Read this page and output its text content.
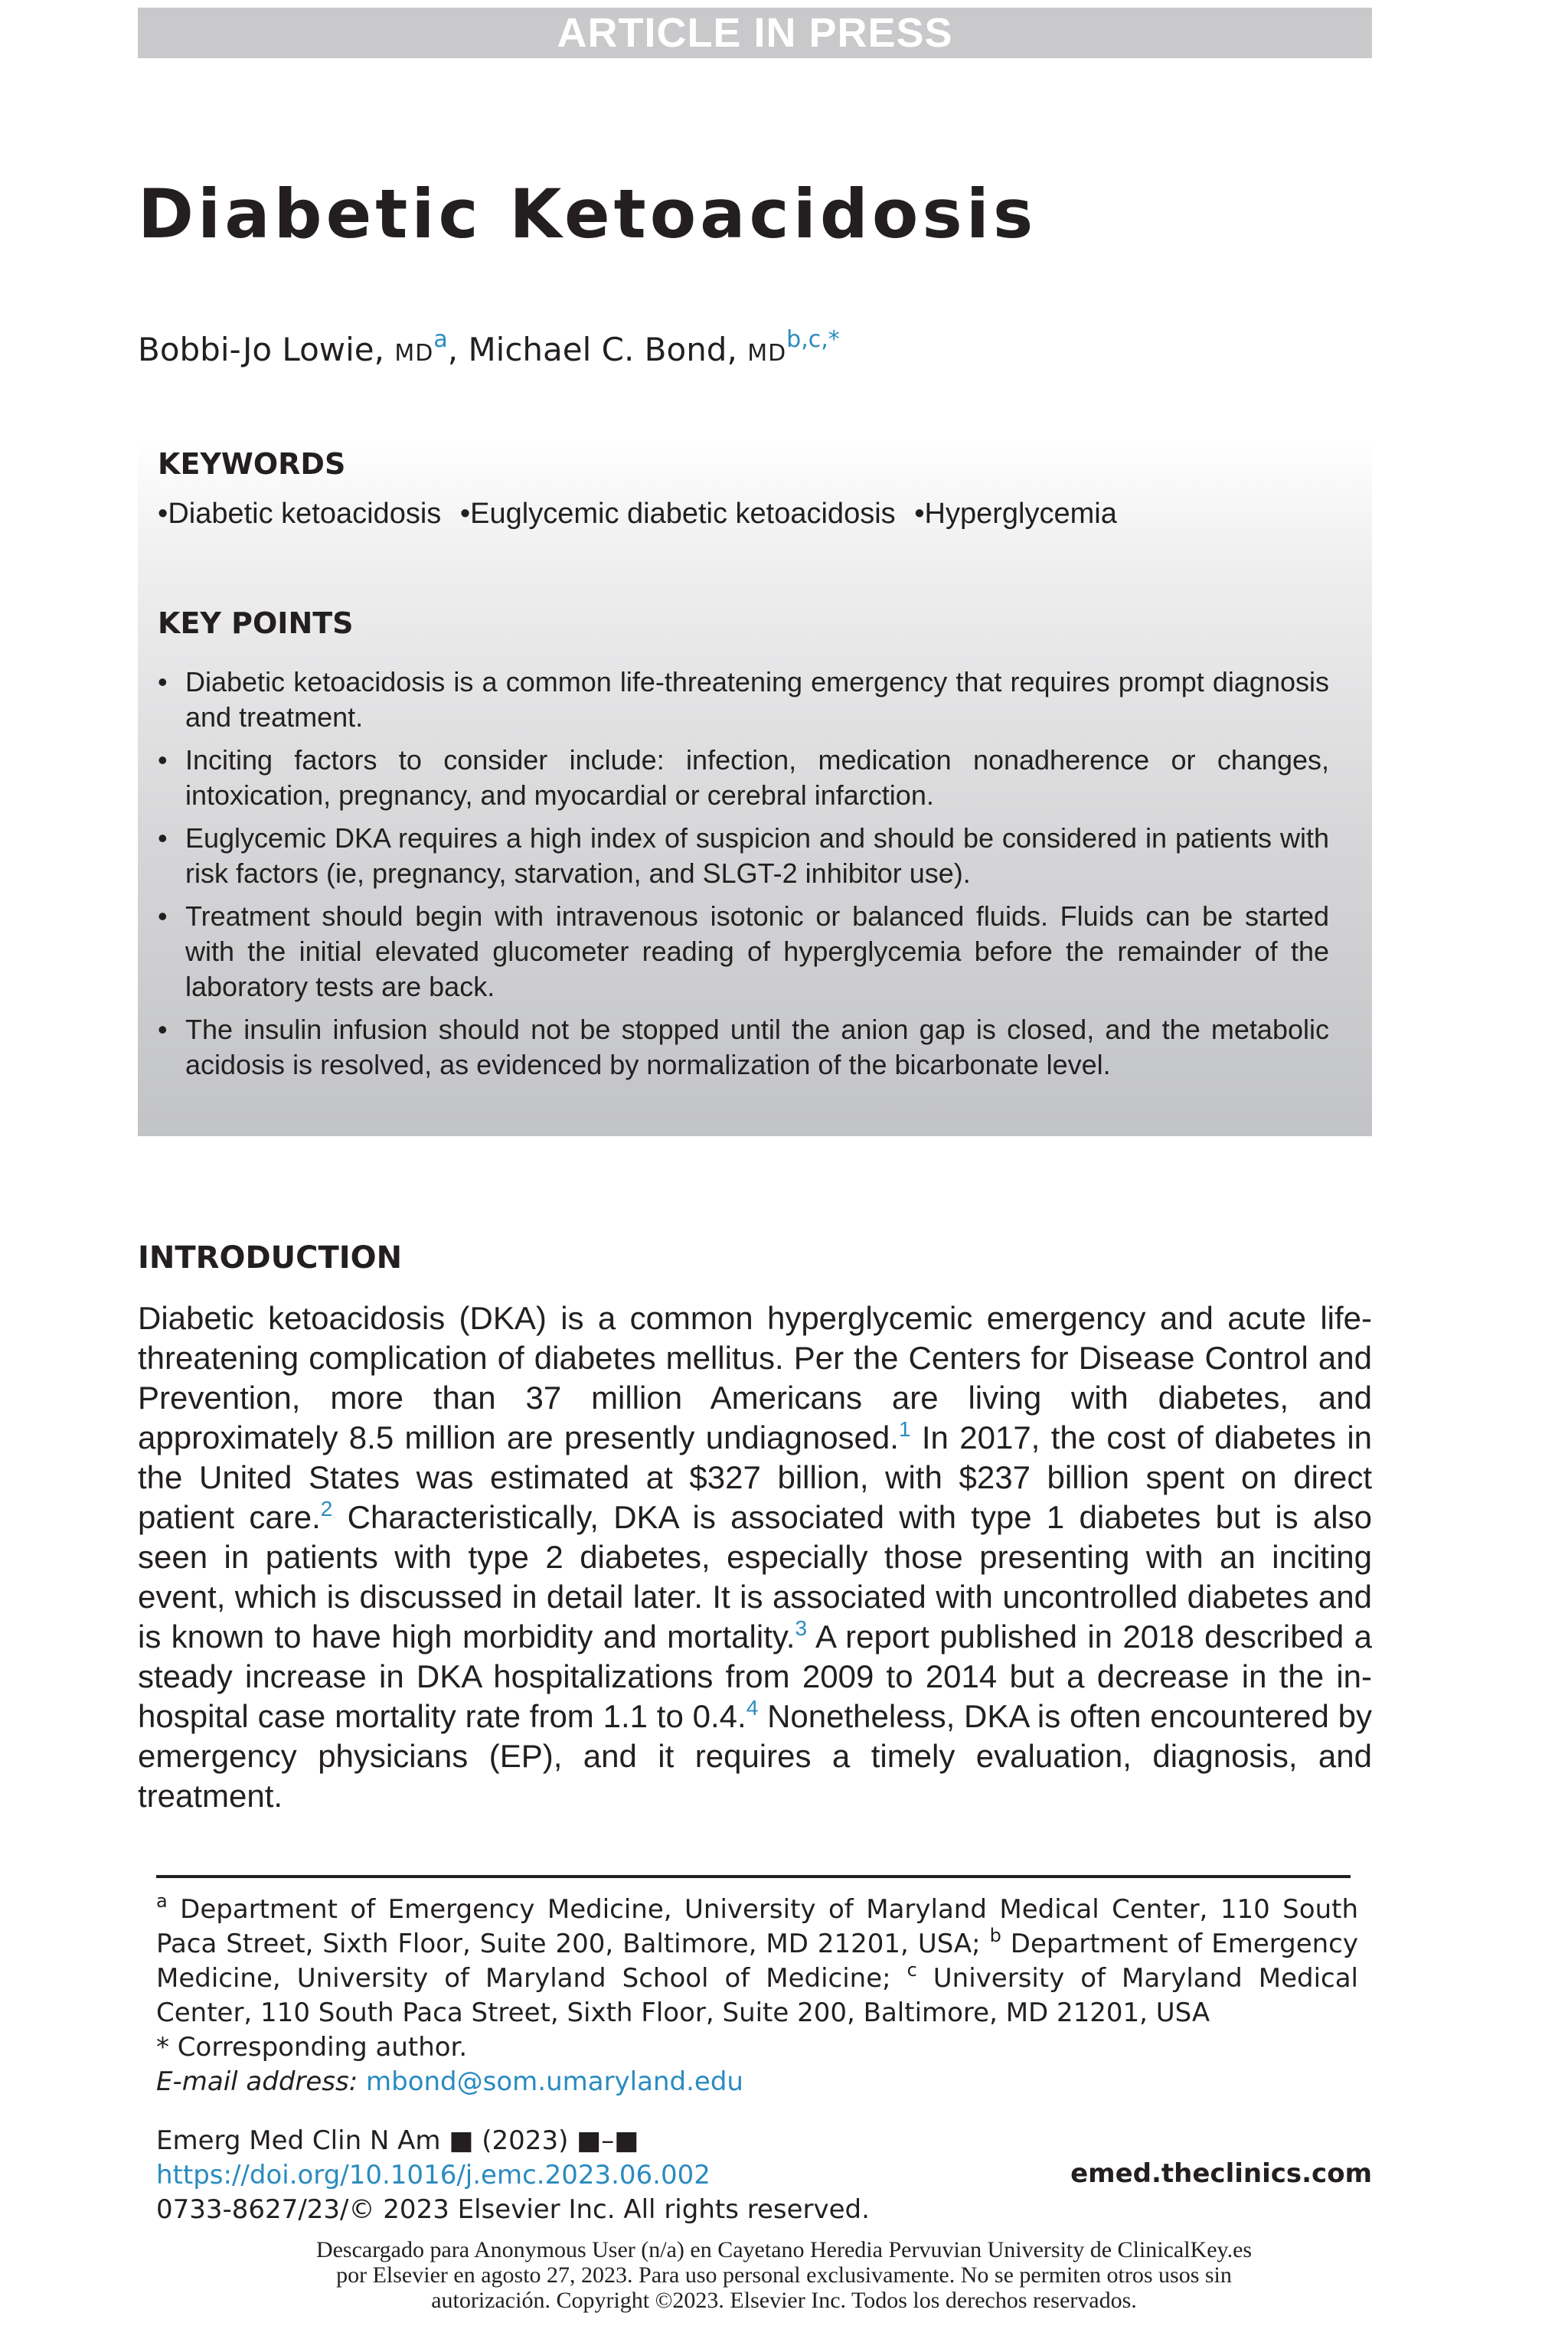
ARTICLE IN PRESS
Diabetic Ketoacidosis
Bobbi-Jo Lowie, $MD^a$, Michael C. Bond, $MD^{b,c,*}$
KEYWORDS
• Diabetic ketoacidosis • Euglycemic diabetic ketoacidosis • Hyperglycemia
KEY POINTS
• Diabetic ketoacidosis is a common life-threatening emergency that requires prompt diagnosis and treatment.
• Inciting factors to consider include: infection, medication nonadherence or changes, intoxication, pregnancy, and myocardial or cerebral infarction.
• Euglycemic DKA requires a high index of suspicion and should be considered in patients with risk factors (ie, pregnancy, starvation, and SLGT-2 inhibitor use).
• Treatment should begin with intravenous isotonic or balanced fluids. Fluids can be started with the initial elevated glucometer reading of hyperglycemia before the remainder of the laboratory tests are back.
• The insulin infusion should not be stopped until the anion gap is closed, and the metabolic acidosis is resolved, as evidenced by normalization of the bicarbonate level.
INTRODUCTION
Diabetic ketoacidosis (DKA) is a common hyperglycemic emergency and acute life-threatening complication of diabetes mellitus. Per the Centers for Disease Control and Prevention, more than 37 million Americans are living with diabetes, and approximately 8.5 million are presently undiagnosed.$^1$ In 2017, the cost of diabetes in the United States was estimated at $327 billion, with $237 billion spent on direct patient care.$^2$ Characteristically, DKA is associated with type 1 diabetes but is also seen in patients with type 2 diabetes, especially those presenting with an inciting event, which is discussed in detail later. It is associated with uncontrolled diabetes and is known to have high morbidity and mortality.$^3$ A report published in 2018 described a steady increase in DKA hospitalizations from 2009 to 2014 but a decrease in the in-hospital case mortality rate from 1.1 to 0.4.$^4$ Nonetheless, DKA is often encountered by emergency physicians (EP), and it requires a timely evaluation, diagnosis, and treatment.

$^a$ Department of Emergency Medicine, University of Maryland Medical Center, 110 South Paca Street, Sixth Floor, Suite 200, Baltimore, MD 21201, USA; $^b$ Department of Emergency Medicine, University of Maryland School of Medicine; $^c$ University of Maryland Medical Center, 110 South Paca Street, Sixth Floor, Suite 200, Baltimore, MD 21201, USA

* Corresponding author.

E-mail address: mbond@som.umaryland.edu

Emerg Med Clin N Am ■ (2023) ■–■

https://doi.org/10.1016/j.emc.2023.06.002

0733-8627/23/© 2023 Elsevier Inc. All rights reserved.

emed.theclinics.com
Descargado para Anonymous User (n/a) en Cayetano Heredia Pervuvian University de ClinicalKey.es por Elsevier en agosto 27, 2023. Para uso personal exclusivamente. No se permiten otros usos sin autorización. Copyright ©2023. Elsevier Inc. Todos los derechos reservados.
